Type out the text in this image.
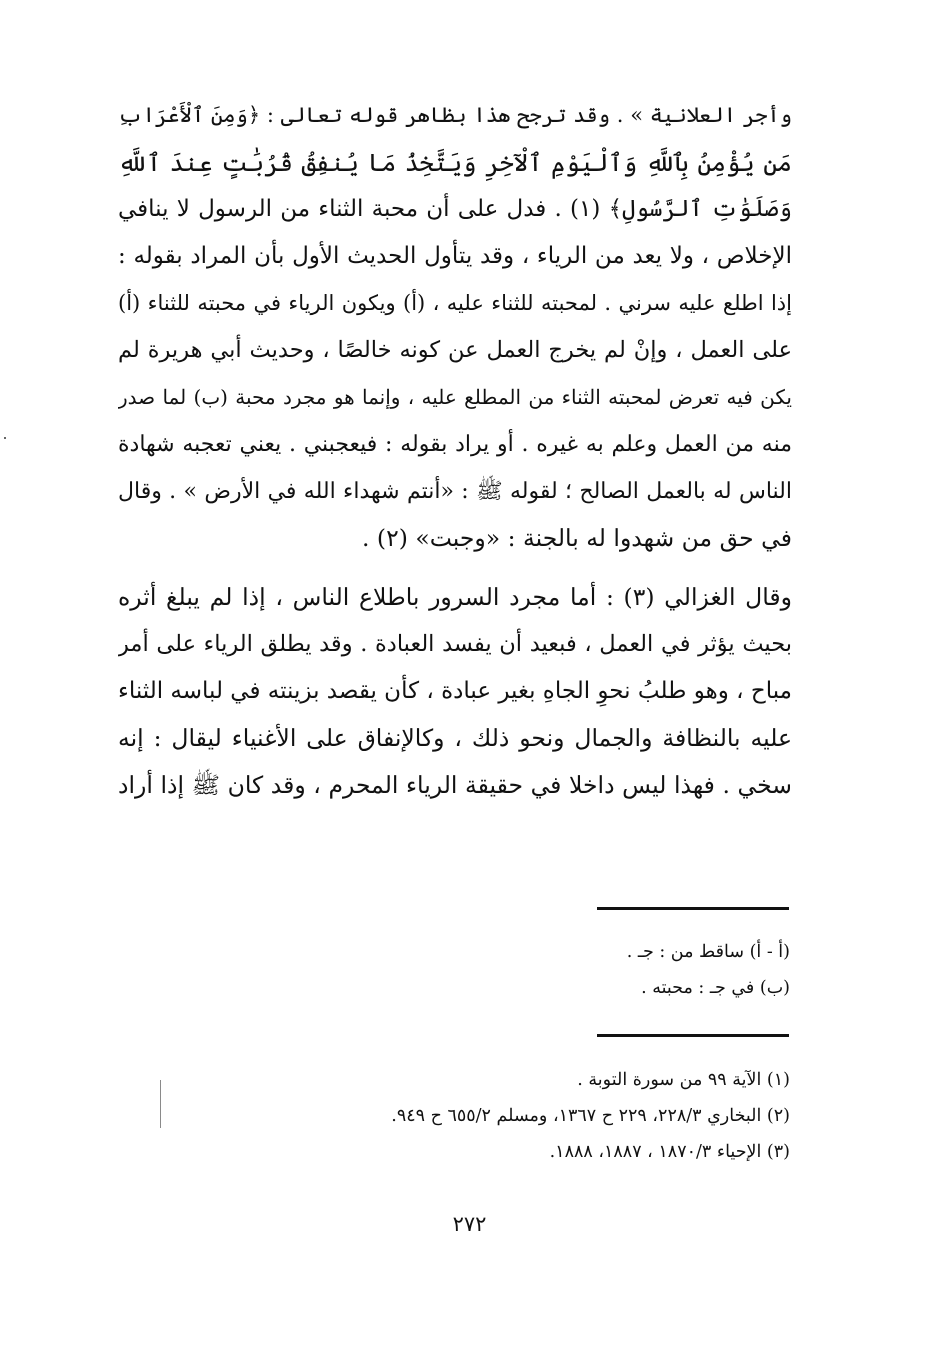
وأجر العلانية » . وقد ترجح هذا بظاهر قوله تعالى : ﴿وَمِنَ ٱلْأَعْرَابِ
مَن يُؤْمِنُ بِٱللَّهِ وَٱلْيَوْمِ ٱلْآخِرِ وَيَتَّخِذُ مَا يُنفِقُ قُرُبَٰتٍ عِندَ ٱللَّهِ
وَصَلَوَٰتِ ٱلرَّسُولِ﴾ (١) . فدل على أن محبة الثناء من الرسول لا ينافي
الإخلاص ، ولا يعد من الرياء ، وقد يتأول الحديث الأول بأن المراد بقوله :
إذا اطلع عليه سرني . لمحبته للثناء عليه ، (أ) ويكون الرياء في محبته للثناء (أ)
على العمل ، وإنْ لم يخرج العمل عن كونه خالصًا ، وحديث أبي هريرة لم
يكن فيه تعرض لمحبته الثناء من المطلع عليه ، وإنما هو مجرد محبة (ب) لما صدر
منه من العمل وعلم به غيره . أو يراد بقوله : فيعجبني . يعني تعجبه شهادة
الناس له بالعمل الصالح ؛ لقوله ﷺ : «أنتم شهداء الله في الأرض » . وقال
في حق من شهدوا له بالجنة : «وجبت» (٢) .
وقال الغزالي (٣) : أما مجرد السرور باطلاع الناس ، إذا لم يبلغ أثره
بحيث يؤثر في العمل ، فبعيد أن يفسد العبادة . وقد يطلق الرياء على أمر
مباح ، وهو طلبُ نحوِ الجاهِ بغير عبادة ، كأن يقصد بزينته في لباسه الثناء
عليه بالنظافة والجمال ونحو ذلك ، وكالإنفاق على الأغنياء ليقال : إنه
سخي . فهذا ليس داخلا في حقيقة الرياء المحرم ، وقد كان ﷺ إذا أراد
(أ - أ) ساقط من : جـ .
(ب) في جـ : محبته .
(١) الآية ٩٩ من سورة التوبة .
(٢) البخاري ٢٢٨/٣، ٢٢٩ ح ١٣٦٧، ومسلم ٦٥٥/٢ ح ٩٤٩.
(٣) الإحياء ١٨٧٠/٣ ، ١٨٨٧، ١٨٨٨.
٢٧٢
